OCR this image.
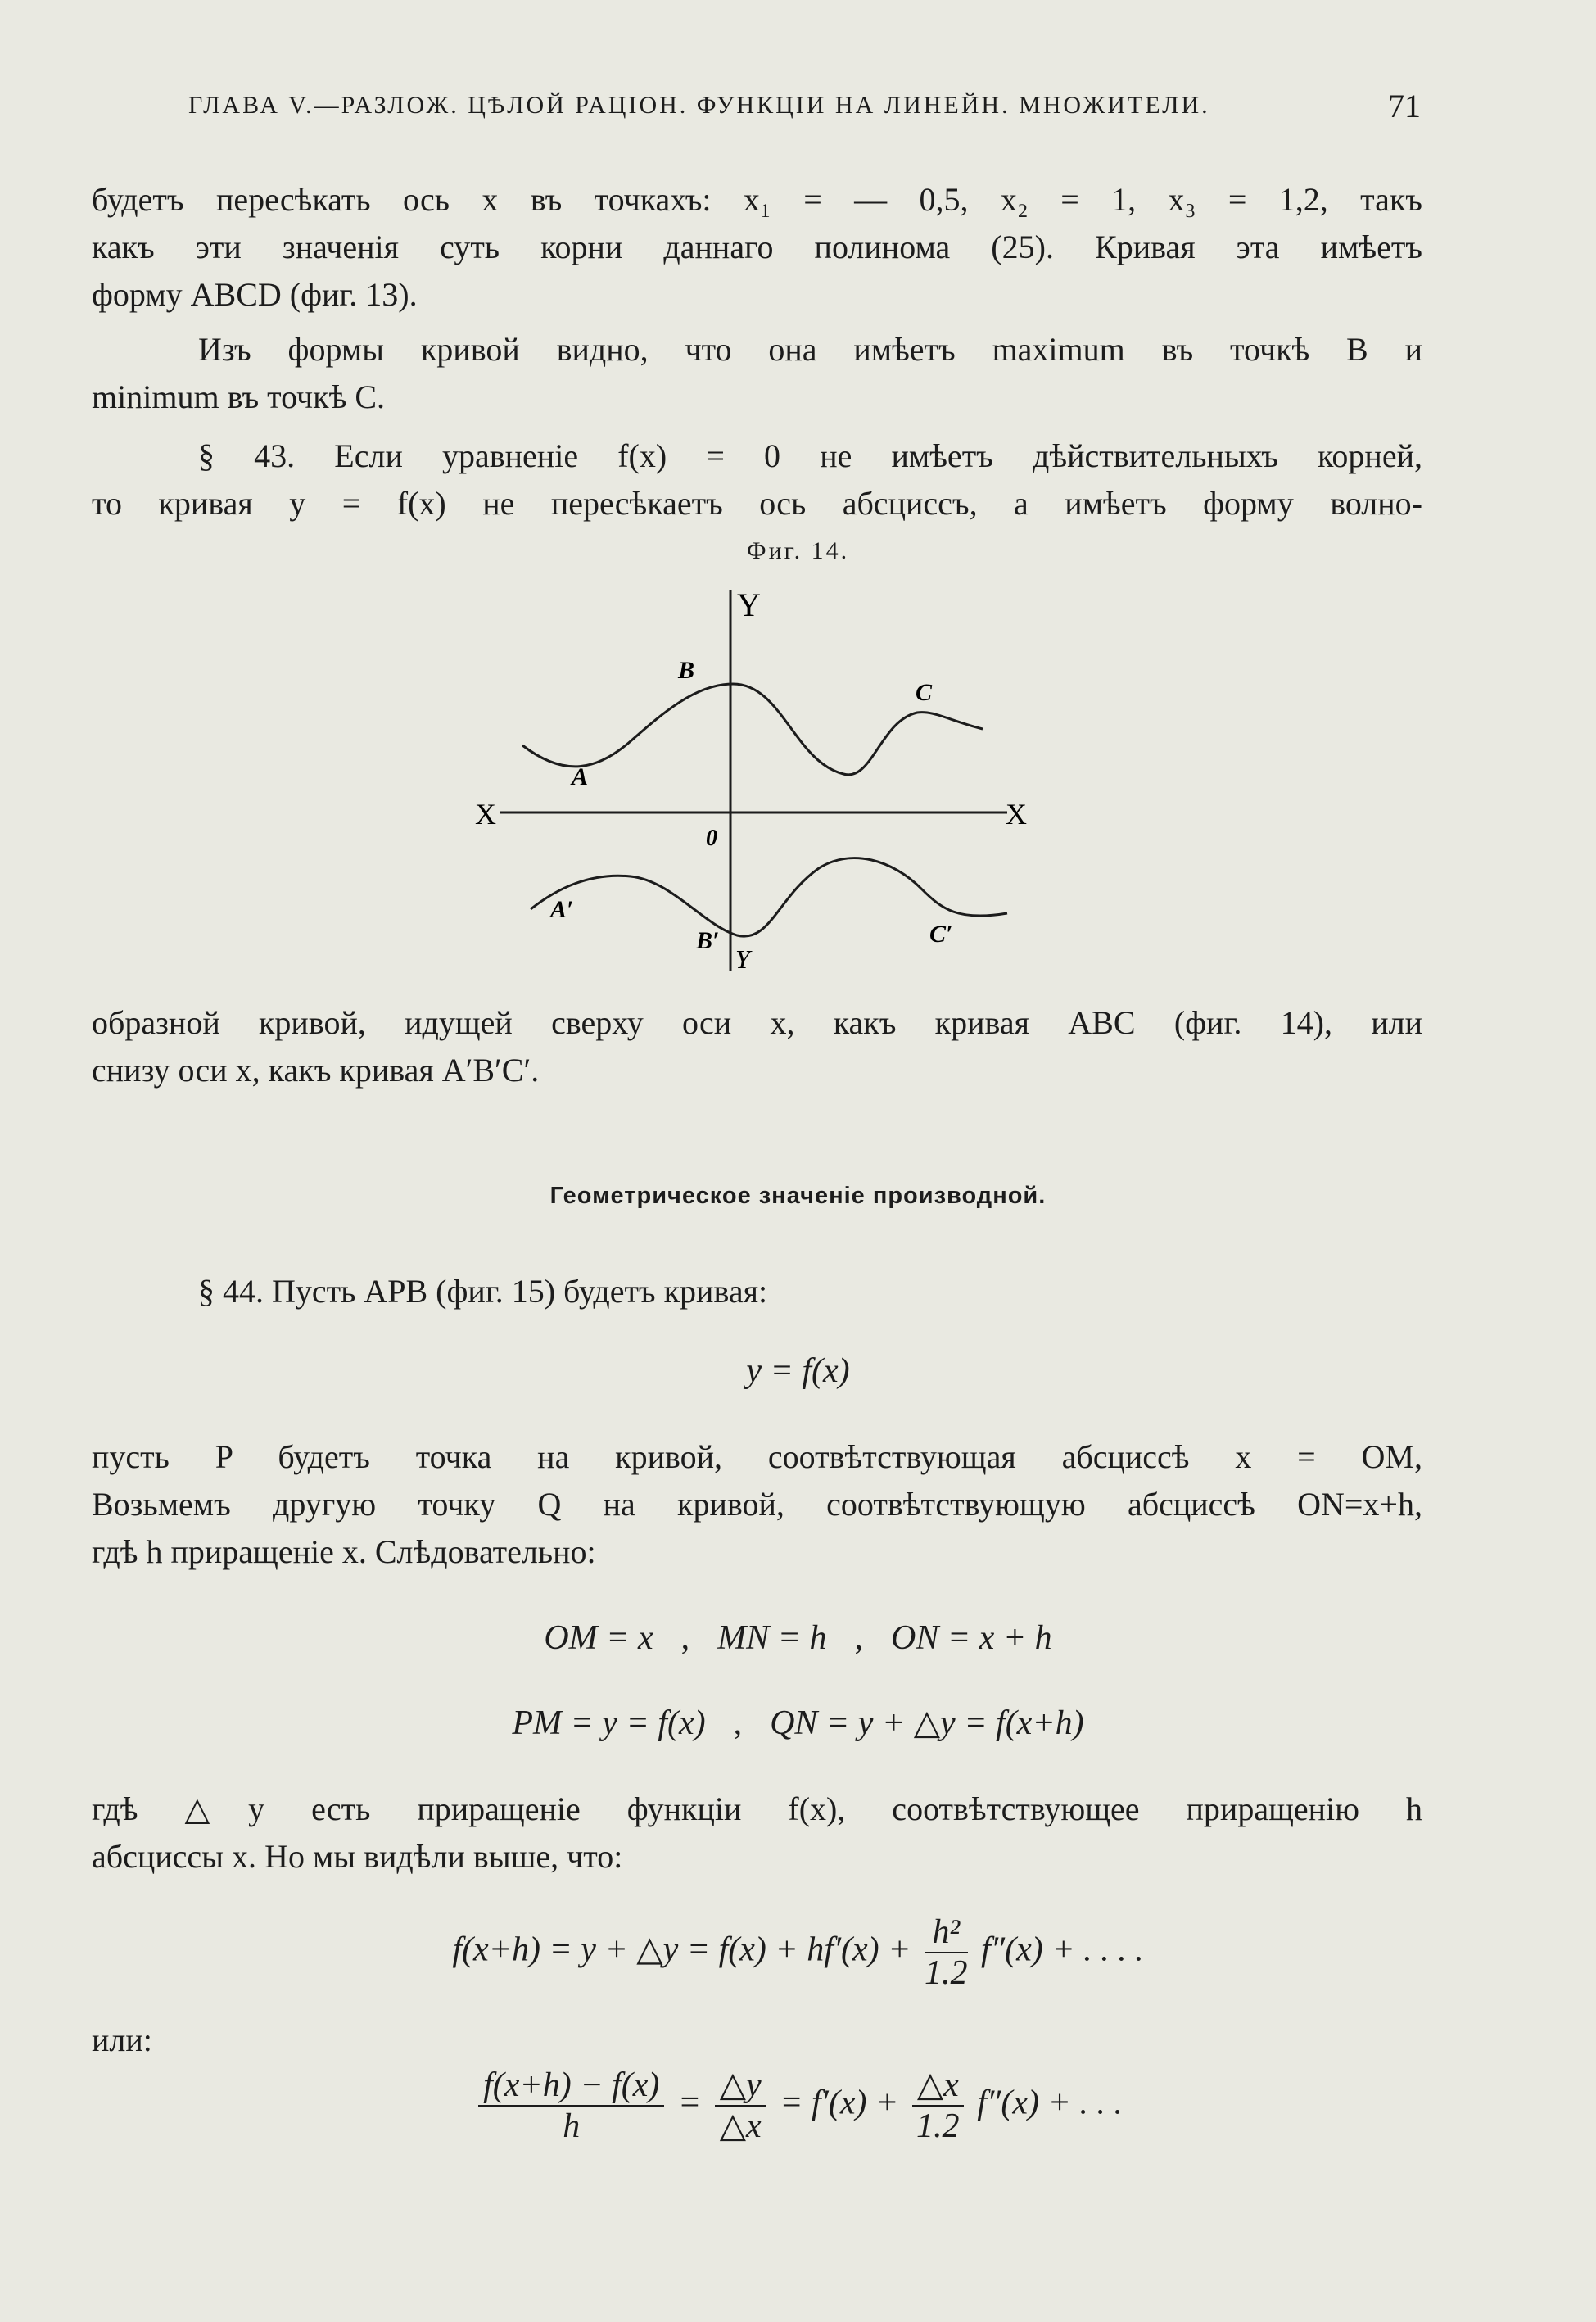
ГЛАВА V.—РАЗЛОЖ. ЦѢЛОЙ РАЦІОН. ФУНКЦІИ НА ЛИНЕЙН. МНОЖИТЕЛИ.	71
будетъ пересѣкать ось x въ точкахъ: x₁ = — 0,5, x₂ = 1, x₃ = 1,2, такъ
какъ эти значенія суть корни даннаго полинома (25). Кривая эта имѣетъ
форму ABCD (фиг. 13).
Изъ формы кривой видно, что она имѣетъ maximum въ точкѣ B и
minimum въ точкѣ C.
§ 43. Если уравненіе f(x) = 0 не имѣетъ дѣйствительныхъ корней,
то кривая y = f(x) не пересѣкаетъ ось абсциссъ, а имѣетъ форму волно-
Фиг. 14.
Y
B
C
A
X	X
0
A′
B′
Y
C′
образной кривой, идущей сверху оси x, какъ кривая ABC (фиг. 14), или
снизу оси x, какъ кривая A′B′C′.
Геометрическое значеніе производной.
§ 44. Пусть APB (фиг. 15) будетъ кривая:
y = f(x)
пусть P будетъ точка на кривой, соотвѣтствующая абсциссѣ x = OM,
Возьмемъ другую точку Q на кривой, соотвѣтствующую абсциссѣ ON=x+h,
гдѣ h приращеніе x. Слѣдовательно:
OM = x , MN = h , ON = x + h
PM = y = f(x) , QN = y + △y = f(x+h)
гдѣ △y есть приращеніе функціи f(x), соотвѣтствующее приращенію h
абсциссы x. Но мы видѣли выше, что:
f(x+h) = y + △y = $f(x) + hf'(x) + \frac{\text{h²}}{1.2} f''(x)$ + . . . .
или:
$\frac{f(x+h) - f(x)}{h} = \frac{\triangle y}{\triangle x} = f'(x) + \frac{\triangle x}{1.2} f''(x)$ + . . .
